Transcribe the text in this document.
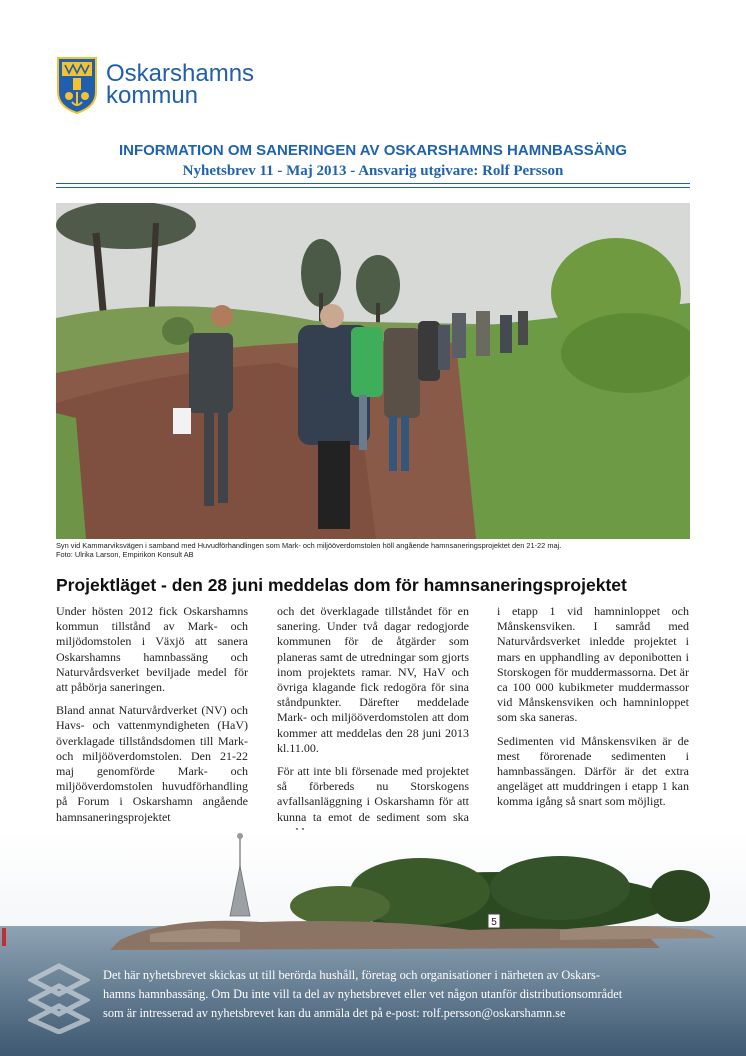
Oskarshamns
kommun
INFORMATION OM SANERINGEN AV OSKARSHAMNS HAMNBASSÄNG
Nyhetsbrev 11 - Maj 2013 - Ansvarig utgivare: Rolf Persson
Syn vid Kammarviksvägen i samband med Huvudförhandlingen som Mark- och miljööverdomstolen höll angående hamnsaneringsprojektet den 21-22 maj.
Foto: Ulrika Larson, Empirikon Konsult AB
Projektläget - den 28 juni meddelas dom för hamnsaneringsprojektet

Under hösten 2012 fick Oskarshamns kommun tillstånd av Mark- och miljödomstolen i Växjö att sanera Oskarshamns hamnbassäng och Naturvårdsverket beviljade medel för att påbörja saneringen.

Bland annat Naturvårdverket (NV) och Havs- och vattenmyndigheten (HaV) överklagade tillståndsdomen till Mark- och miljööverdomstolen. Den 21-22 maj genomförde Mark- och miljööverdomstolen huvudförhandling på Forum i Oskarshamn angående hamnsaneringsprojektet

och det överklagade tillståndet för en sanering. Under två dagar redogjorde kommunen för de åtgärder som planeras samt de utredningar som gjorts inom projektets ramar. NV, HaV och övriga klagande fick redogöra för sina ståndpunkter. Därefter meddelade Mark- och miljööverdomstolen att dom kommer att meddelas den 28 juni 2013 kl.11.00.

För att inte bli försenade med projektet så förbereds nu Storskogens avfallsanläggning i Oskarshamn för att kunna ta emot de sediment som ska

i etapp 1 vid hamninloppet och Månskensviken. I samråd med Naturvårdsverket inledde projektet i mars en upphandling av deponibotten i Storskogen för muddermassorna. Det är ca 100 000 kubikmeter muddermassor vid Månskensviken och hamninloppet som ska saneras.

Sedimenten vid Månskensviken är de mest förorenade sedimenten i hamnbassängen. Därför är det extra angeläget att muddringen i etapp 1 kan komma igång så snart som möjligt.

5
Det här nyhetsbrevet skickas ut till berörda hushåll, företag och organisationer i närheten av Oskars-
hamns hamnbassäng. Om Du inte vill ta del av nyhetsbrevet eller vet någon utanför distributionsområdet
som är intresserad av nyhetsbrevet kan du anmäla det på e-post: rolf.persson@oskarshamn.se
